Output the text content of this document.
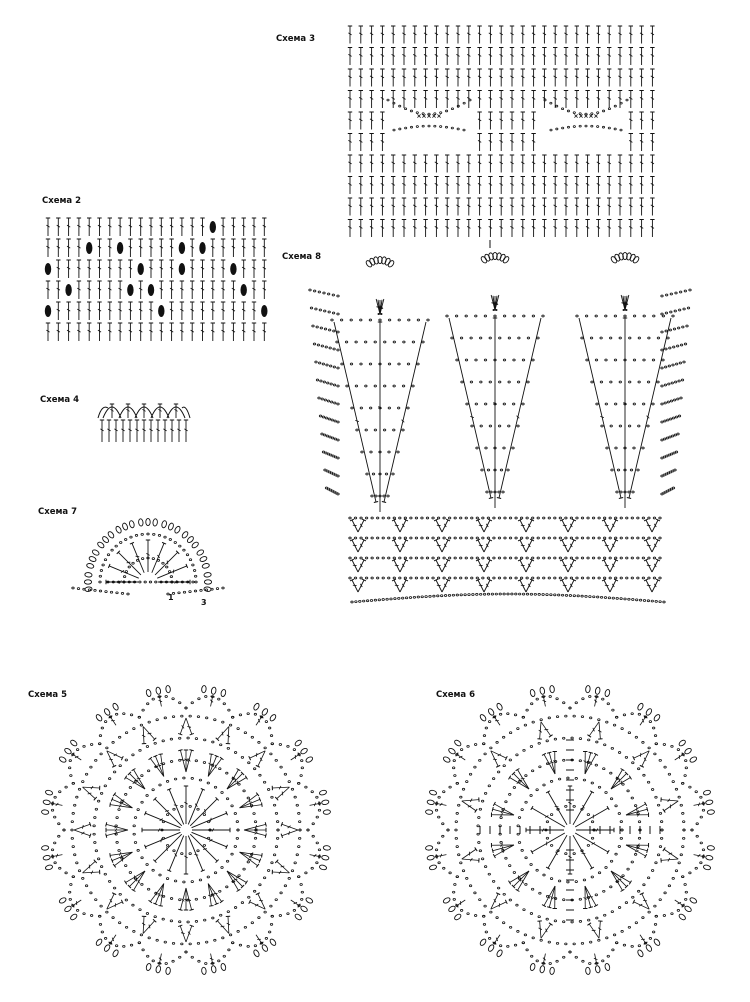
Схема 3
Схема 2
Схема 8
Схема 4
Схема 7
Схема 5	Схема 6
1
3
